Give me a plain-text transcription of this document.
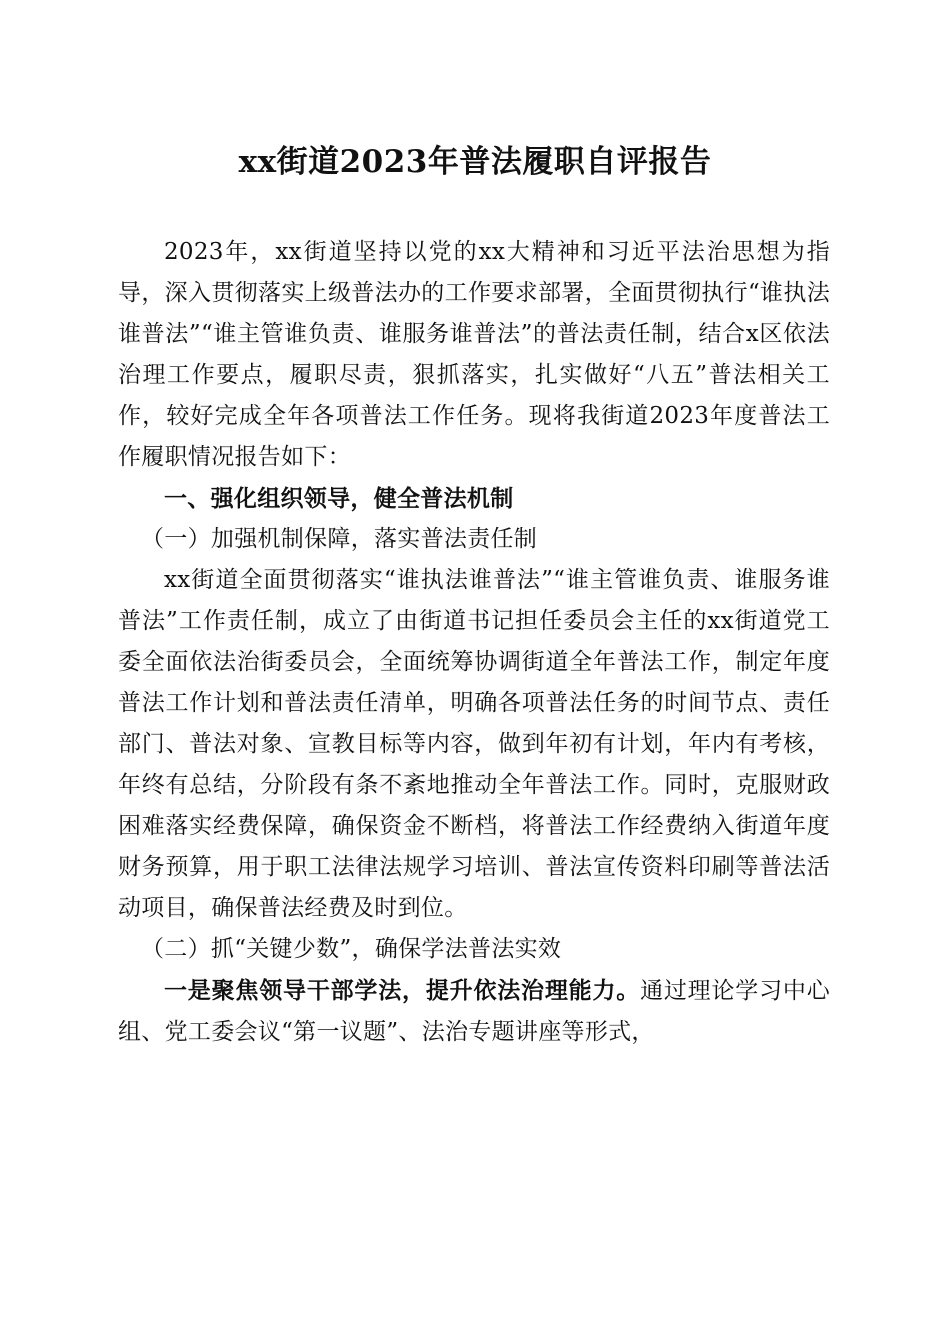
xx街道2023年普法履职自评报告

2023年，xx街道坚持以党的xx大精神和习近平法治思想为指导，深入贯彻落实上级普法办的工作要求部署，全面贯彻执行“谁执法谁普法”“谁主管谁负责、谁服务谁普法”的普法责任制，结合x区依法治理工作要点，履职尽责，狠抓落实，扎实做好“八五”普法相关工作，较好完成全年各项普法工作任务。现将我街道2023年度普法工作履职情况报告如下：

一、强化组织领导，健全普法机制

（一）加强机制保障，落实普法责任制

xx街道全面贯彻落实“谁执法谁普法”“谁主管谁负责、谁服务谁普法”工作责任制，成立了由街道书记担任委员会主任的xx街道党工委全面依法治街委员会，全面统筹协调街道全年普法工作，制定年度普法工作计划和普法责任清单，明确各项普法任务的时间节点、责任部门、普法对象、宣教目标等内容，做到年初有计划，年内有考核，年终有总结，分阶段有条不紊地推动全年普法工作。同时，克服财政困难落实经费保障，确保资金不断档，将普法工作经费纳入街道年度财务预算，用于职工法律法规学习培训、普法宣传资料印刷等普法活动项目，确保普法经费及时到位。

（二）抓“关键少数”，确保学法普法实效

一是聚焦领导干部学法，提升依法治理能力。通过理论学习中心组、党工委会议“第一议题”、法治专题讲座等形式，
